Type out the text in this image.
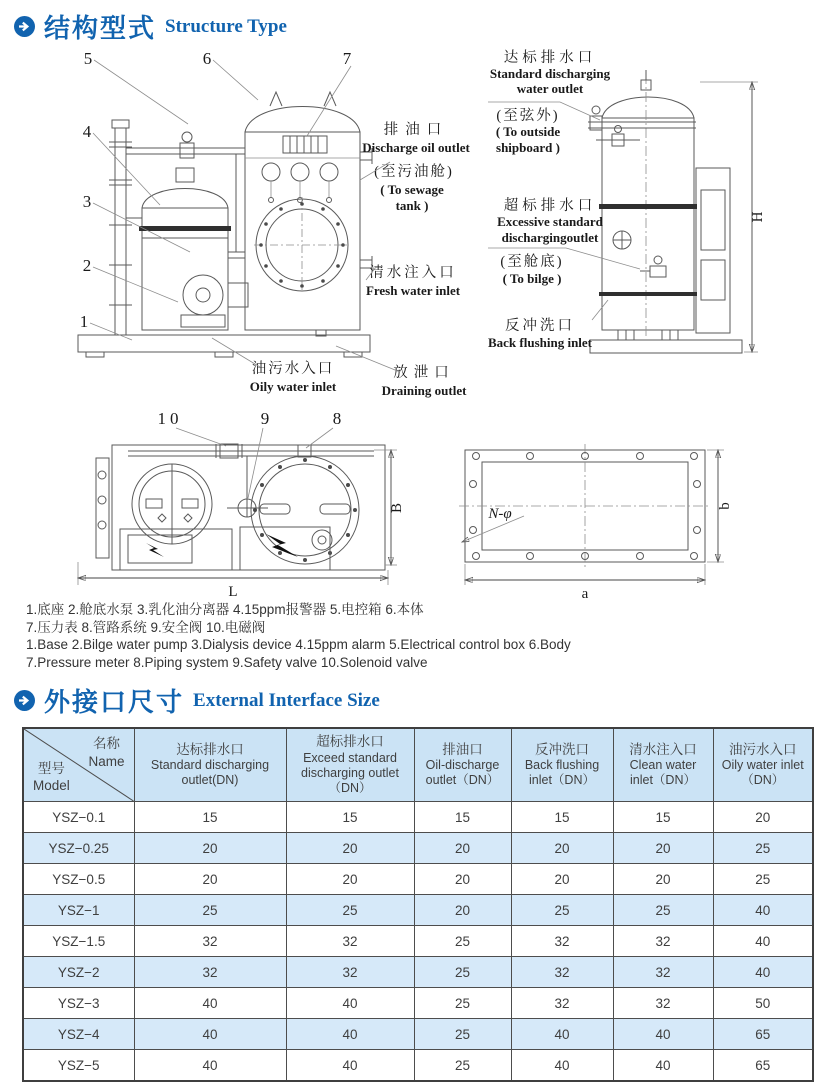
结构型式 Structure Type
5	6	7
4
3
2
1
排油口
Discharge oil outlet
(至污油舱)
( To sewage
tank )
清水注入口
Fresh water inlet
放泄口
Draining outlet
油污水入口
Oily water inlet
H
达标排水口
Standard discharging
water outlet
(至弦外)
( To outside
shipboard )
超标排水口
Excessive standard
dischargingoutlet
(至舱底)
( To bilge )
反冲洗口
Back flushing inlet
B
L
10	9	8
N-φ
a
b
1.底座 2.舱底水泵 3.乳化油分离器 4.15ppm报警器 5.电控箱 6.本体
7.压力表 8.管路系统 9.安全阀 10.电磁阀
1.Base 2.Bilge water pump 3.Dialysis device 4.15ppm alarm 5.Electrical control box 6.Body
7.Pressure meter 8.Piping system 9.Safety valve 10.Solenoid valve
外接口尺寸 External Interface Size
名称
Name
型号
Model

达标排水口
Standard discharging outlet(DN)

超标排水口
Exceed standard discharging outlet （DN）

排油口
Oil-discharge outlet（DN）

反冲洗口
Back flushing inlet（DN）

清水注入口
Clean water inlet（DN）

油污水入口
Oily water inlet（DN）

YSZ−0.1	15	15	15	15	15	20
YSZ−0.25	20	20	20	20	20	25
YSZ−0.5	20	20	20	20	20	25
YSZ−1	25	25	20	25	25	40
YSZ−1.5	32	32	25	32	32	40
YSZ−2	32	32	25	32	32	40
YSZ−3	40	40	25	32	32	50
YSZ−4	40	40	25	40	40	65
YSZ−5	40	40	25	40	40	65
